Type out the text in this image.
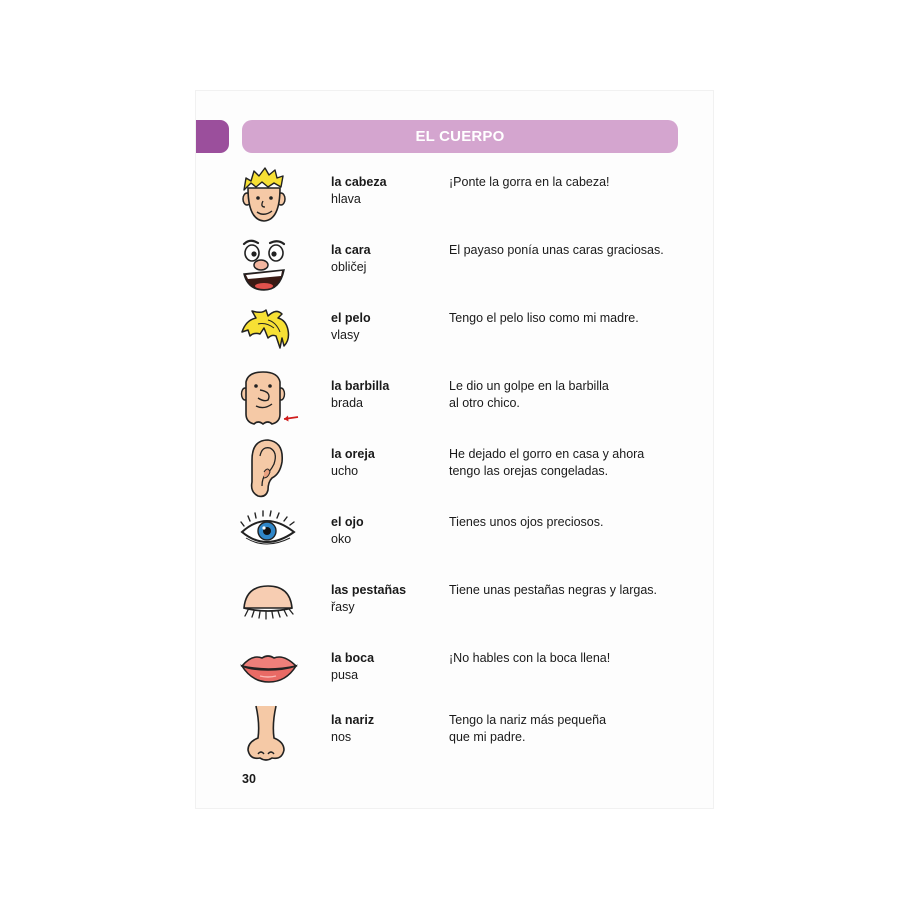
EL CUERPO
la cabeza
hlava
¡Ponte la gorra en la cabeza!
la cara
obličej
El payaso ponía unas caras graciosas.
el pelo
vlasy
Tengo el pelo liso como mi madre.
la barbilla
brada
Le dio un golpe en la barbilla
al otro chico.
la oreja
ucho
He dejado el gorro en casa y ahora
tengo las orejas congeladas.
el ojo
oko
Tienes unos ojos preciosos.
las pestañas
řasy
Tiene unas pestañas negras y largas.
la boca
pusa
¡No hables con la boca llena!
la nariz
nos
Tengo la nariz más pequeña
que mi padre.
30
